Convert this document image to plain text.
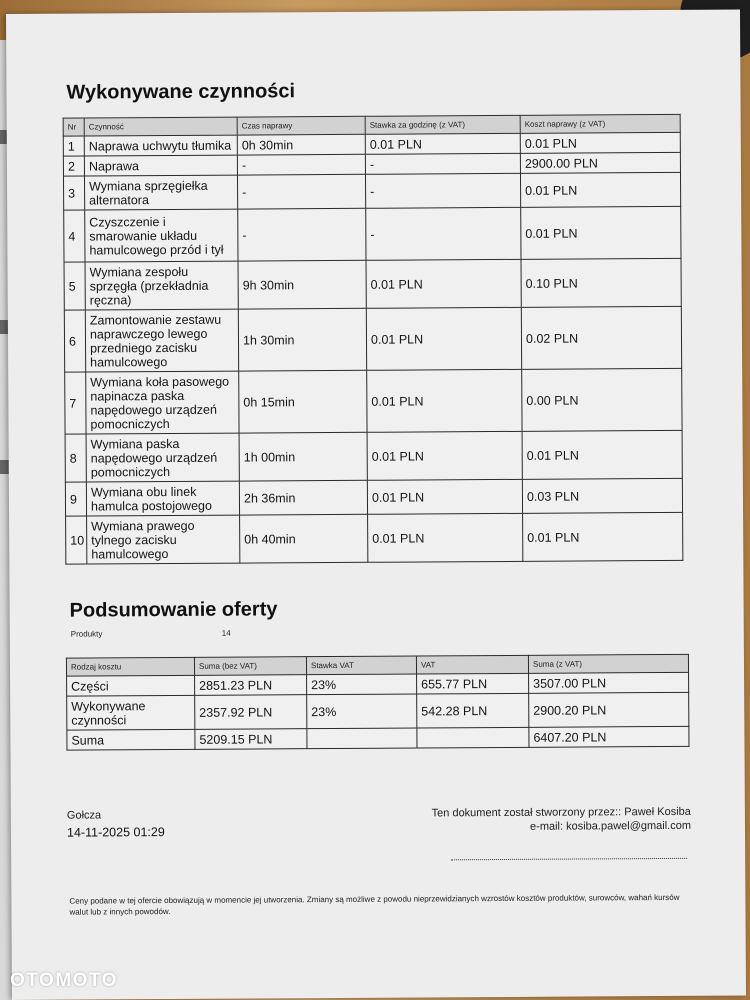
Wykonywane czynności
Nr	Czynność	Czas naprawy	Stawka za godzinę (z VAT)	Koszt naprawy (z VAT)
1	Naprawa uchwytu tłumika	0h 30min	0.01 PLN	0.01 PLN
2	Naprawa	-	-	2900.00 PLN
3	Wymiana sprzęgiełka alternatora	-	-	0.01 PLN
4	Czyszczenie i smarowanie układu hamulcowego przód i tył	-	-	0.01 PLN
5	Wymiana zespołu sprzęgła (przekładnia ręczna)	9h 30min	0.01 PLN	0.10 PLN
6	Zamontowanie zestawu naprawczego lewego przedniego zacisku hamulcowego	1h 30min	0.01 PLN	0.02 PLN
7	Wymiana koła pasowego napinacza paska napędowego urządzeń pomocniczych	0h 15min	0.01 PLN	0.00 PLN
8	Wymiana paska napędowego urządzeń pomocniczych	1h 00min	0.01 PLN	0.01 PLN
9	Wymiana obu linek hamulca postojowego	2h 36min	0.01 PLN	0.03 PLN
10	Wymiana prawego tylnego zacisku hamulcowego	0h 40min	0.01 PLN	0.01 PLN
Podsumowanie oferty
Produkty	14
Rodzaj kosztu	Suma (bez VAT)	Stawka VAT	VAT	Suma (z VAT)
Części	2851.23 PLN	23%	655.77 PLN	3507.00 PLN
Wykonywane czynności	2357.92 PLN	23%	542.28 PLN	2900.20 PLN
Suma	5209.15 PLN			6407.20 PLN
Gołcza
14-11-2025 01:29
Ten dokument został stworzony przez:: Paweł Kosiba
e-mail: kosiba.pawel@gmail.com
Ceny podane w tej ofercie obowiązują w momencie jej utworzenia. Zmiany są możliwe z powodu nieprzewidzianych wzrostów kosztów produktów, surowców, wahań kursów walut lub z innych powodów.
OTOMOTO
